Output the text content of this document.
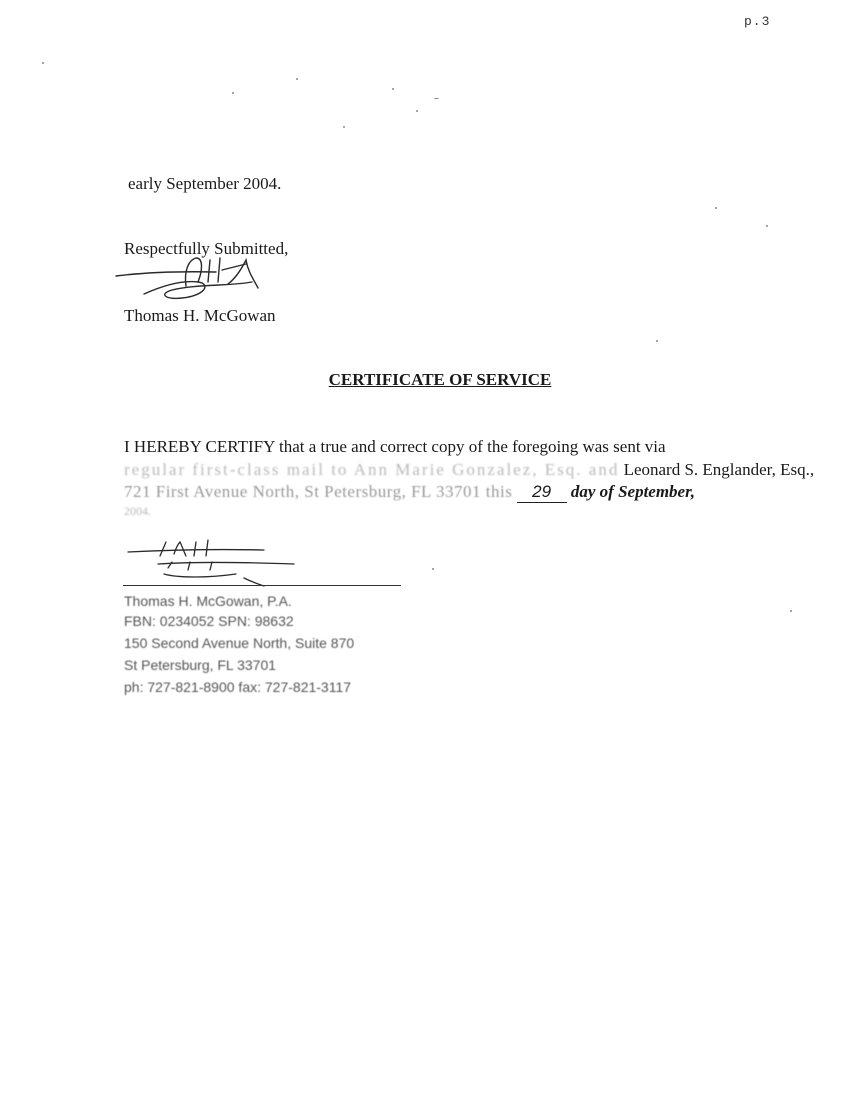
p.3
early September 2004.
Respectfully Submitted,
Thomas H. McGowan
CERTIFICATE OF SERVICE
I HEREBY CERTIFY that a true and correct copy of the foregoing was sent via
regular first-class mail to Ann Marie Gonzalez, Esq. and Leonard S. Englander, Esq.,
721 First Avenue North, St Petersburg, FL 33701 this 29 day of September,
2004.
Thomas H. McGowan, P.A.
FBN: 0234052 SPN: 98632
150 Second Avenue North, Suite 870
St Petersburg, FL 33701
ph: 727-821-8900 fax: 727-821-3117
